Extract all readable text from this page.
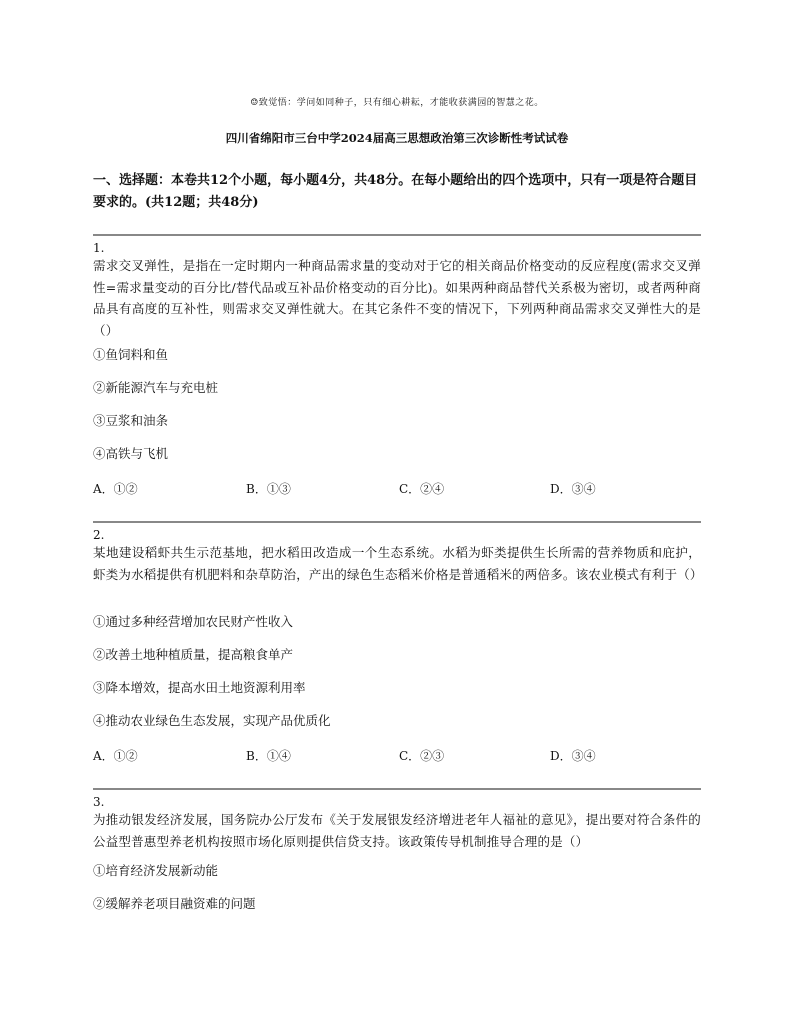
☺致觉悟：学问如同种子，只有细心耕耘，才能收获满园的智慧之花。
四川省绵阳市三台中学2024届高三思想政治第三次诊断性考试试卷
一、选择题：本卷共12个小题，每小题4分，共48分。在每小题给出的四个选项中，只有一项是符合题目要求的。(共12题；共48分)
1.

需求交叉弹性，是指在一定时期内一种商品需求量的变动对于它的相关商品价格变动的反应程度(需求交叉弹性=需求量变动的百分比/替代品或互补品价格变动的百分比)。如果两种商品替代关系极为密切，或者两种商品具有高度的互补性，则需求交叉弹性就大。在其它条件不变的情况下，下列两种商品需求交叉弹性大的是（）

①鱼饲料和鱼
②新能源汽车与充电桩
③豆浆和油条
④高铁与飞机
A．①②	B．①③	C．②④	D．③④
2.

某地建设稻虾共生示范基地，把水稻田改造成一个生态系统。水稻为虾类提供生长所需的营养物质和庇护，虾类为水稻提供有机肥料和杂草防治，产出的绿色生态稻米价格是普通稻米的两倍多。该农业模式有利于（）

①通过多种经营增加农民财产性收入
②改善土地种植质量，提高粮食单产
③降本增效，提高水田土地资源利用率
④推动农业绿色生态发展，实现产品优质化
A．①②	B．①④	C．②③	D．③④
3.

为推动银发经济发展，国务院办公厅发布《关于发展银发经济增进老年人福祉的意见》，提出要对符合条件的公益型普惠型养老机构按照市场化原则提供信贷支持。该政策传导机制推导合理的是（）

①培育经济发展新动能
②缓解养老项目融资难的问题
